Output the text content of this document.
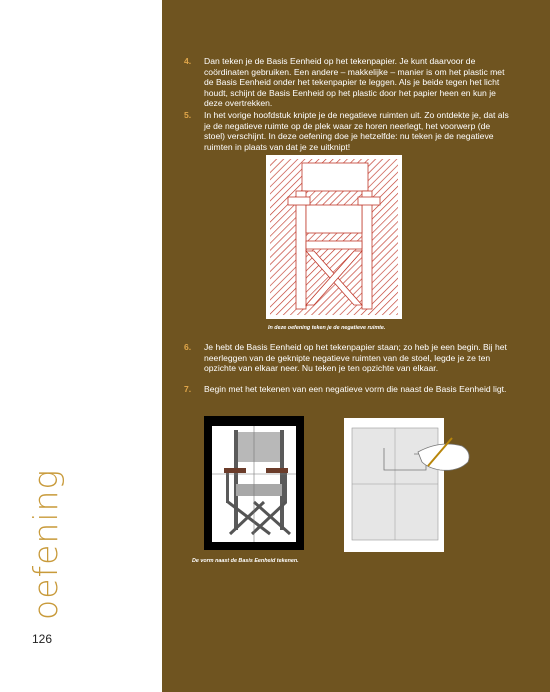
oefening
126
4. Dan teken je de Basis Eenheid op het tekenpapier. Je kunt daarvoor de coördinaten gebruiken. Een andere – makkelijke – manier is om het plastic met de Basis Eenheid onder het tekenpapier te leggen. Als je beide tegen het licht houdt, schijnt de Basis Eenheid op het plastic door het papier heen en kun je deze overtrekken.
5. In het vorige hoofdstuk knipte je de negatieve ruimten uit. Zo ontdekte je, dat als je de negatieve ruimte op de plek waar ze horen neerlegt, het voorwerp (de stoel) verschijnt. In deze oefening doe je hetzelfde: nu teken je de negatieve ruimten in plaats van dat je ze uitknipt!
In deze oefening teken je de negatieve ruimte.
6. Je hebt de Basis Eenheid op het tekenpapier staan; zo heb je een begin. Bij het neerleggen van de geknipte negatieve ruimten van de stoel, legde je ze ten opzichte van elkaar neer. Nu teken je ten opzichte van elkaar.
7. Begin met het tekenen van een negatieve vorm die naast de Basis Eenheid ligt.
De vorm naast de Basis Eenheid tekenen.
